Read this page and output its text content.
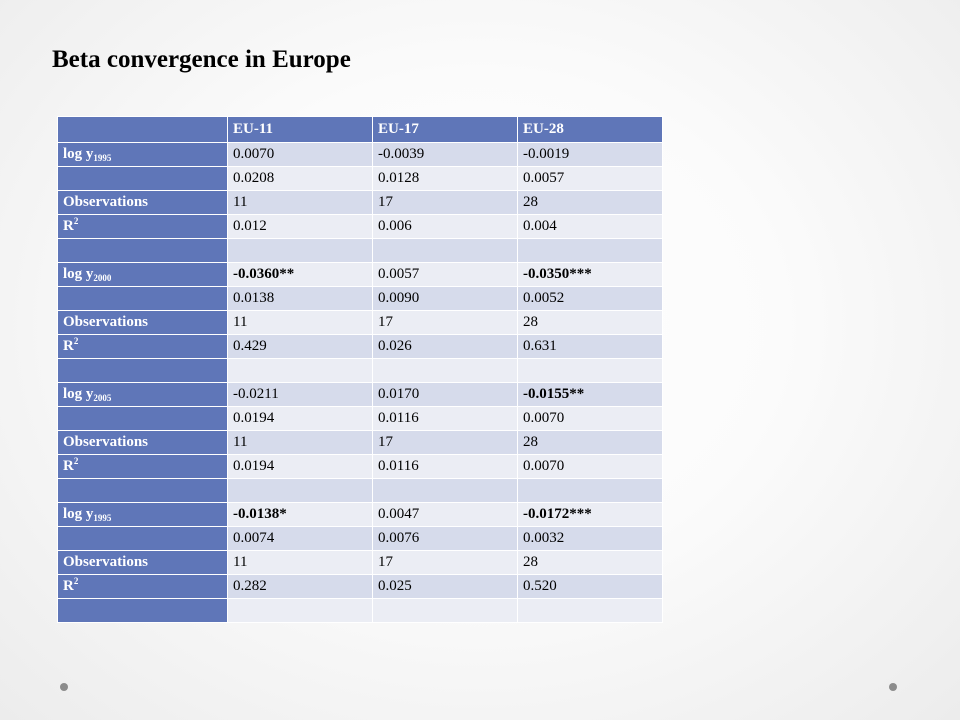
Beta convergence in Europe
	EU-11	EU-17	EU-28
$\log y_{1995}$	0.0070	-0.0039	-0.0019
	0.0208	0.0128	0.0057
Observations	11	17	28
$R^2$	0.012	0.006	0.004

$\log y_{2000}$	-0.0360**	0.0057	-0.0350***
	0.0138	0.0090	0.0052
Observations	11	17	28
$R^2$	0.429	0.026	0.631

$\log y_{2005}$	-0.0211	0.0170	-0.0155**
	0.0194	0.0116	0.0070
Observations	11	17	28
$R^2$	0.0194	0.0116	0.0070

$\log y_{1995}$	-0.0138*	0.0047	-0.0172***
	0.0074	0.0076	0.0032
Observations	11	17	28
$R^2$	0.282	0.025	0.520
